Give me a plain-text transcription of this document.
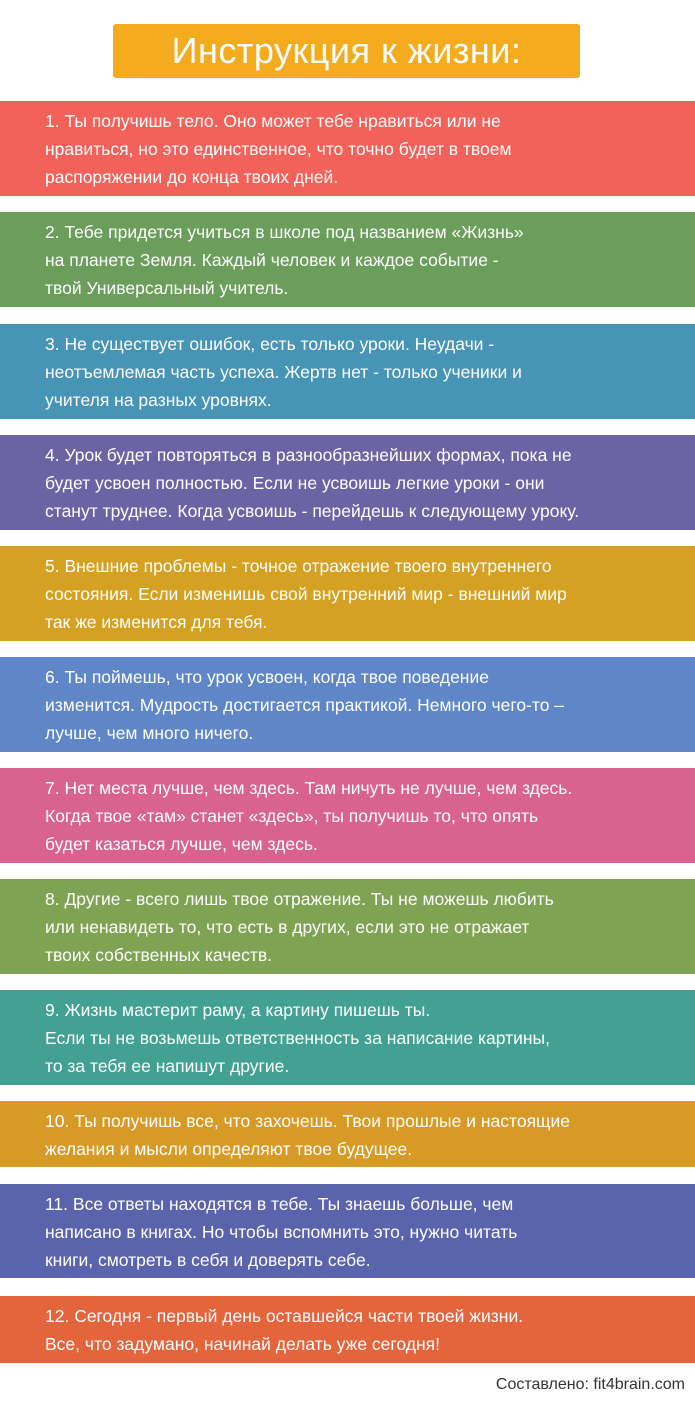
Инструкция к жизни:
1. Ты получишь тело. Оно может тебе нравиться или не
нравиться, но это единственное, что точно будет в твоем
распоряжении до конца твоих дней.
2. Тебе придется учиться в школе под названием «Жизнь»
на планете Земля. Каждый человек и каждое событие -
твой Универсальный учитель.
3. Не существует ошибок, есть только уроки. Неудачи -
неотъемлемая часть успеха. Жертв нет - только ученики и
учителя на разных уровнях.
4. Урок будет повторяться в разнообразнейших формах, пока не
будет усвоен полностью. Если не усвоишь легкие уроки - они
станут труднее. Когда усвоишь - перейдешь к следующему уроку.
5. Внешние проблемы - точное отражение твоего внутреннего
состояния. Если изменишь свой внутренний мир - внешний мир
так же изменится для тебя.
6. Ты поймешь, что урок усвоен, когда твое поведение
изменится. Мудрость достигается практикой. Немного чего-то –
лучше, чем много ничего.
7. Нет места лучше, чем здесь. Там ничуть не лучше, чем здесь.
Когда твое «там» станет «здесь», ты получишь то, что опять
будет казаться лучше, чем здесь.
8. Другие - всего лишь твое отражение. Ты не можешь любить
или ненавидеть то, что есть в других, если это не отражает
твоих собственных качеств.
9. Жизнь мастерит раму, а картину пишешь ты.
Если ты не возьмешь ответственность за написание картины,
то за тебя ее напишут другие.
10. Ты получишь все, что захочешь. Твои прошлые и настоящие
желания и мысли определяют твое будущее.
11. Все ответы находятся в тебе. Ты знаешь больше, чем
написано в книгах. Но чтобы вспомнить это, нужно читать
книги, смотреть в себя и доверять себе.
12. Сегодня - первый день оставшейся части твоей жизни.
Все, что задумано, начинай делать уже сегодня!
Составлено: fit4brain.com
